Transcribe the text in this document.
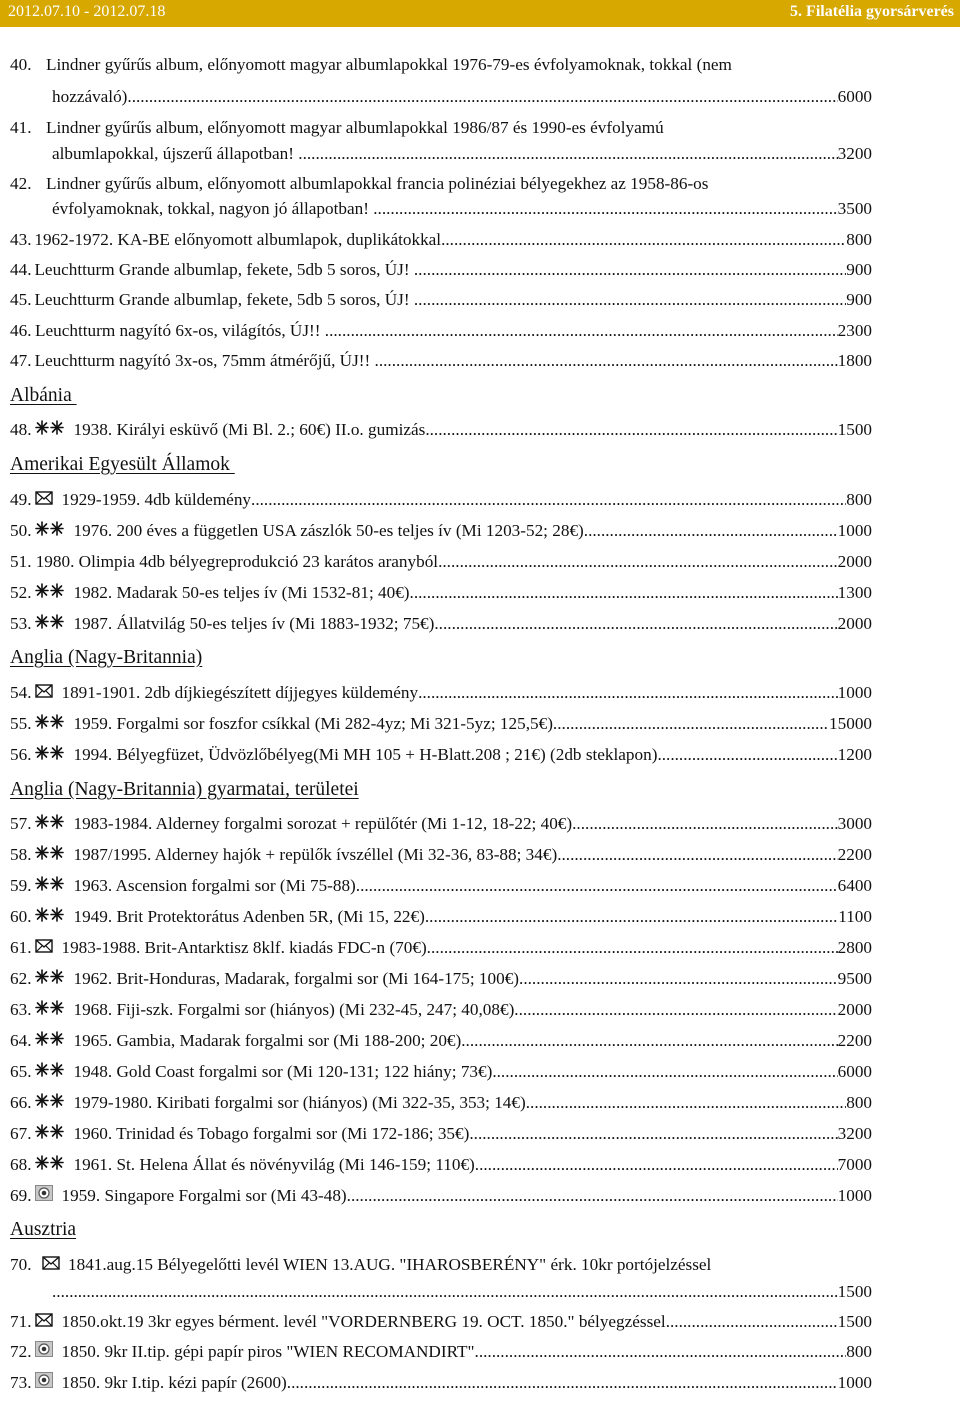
2012.07.10 - 2012.07.18	5. Filatélia gyorsárverés
40. Lindner gyűrűs album, előnyomott magyar albumlapokkal 1976-79-es évfolyamoknak, tokkal (nem
hozzávaló) .....	6000
41. Lindner gyűrűs album, előnyomott magyar albumlapokkal 1986/87 és 1990-es évfolyamú
albumlapokkal, újszerű állapotban! ... .....	3200
42. Lindner gyűrűs album, előnyomott albumlapokkal francia polinéziai bélyegekhez az 1958-86-os
évfolyamoknak, tokkal, nagyon jó állapotban! ... .....	3500
43. 1962-1972. KA-BE előnyomott albumlapok, duplikátokkal .....	800
44. Leuchtturm Grande albumlap, fekete, 5db 5 soros, ÚJ! ... .....	900
45. Leuchtturm Grande albumlap, fekete, 5db 5 soros, ÚJ! ... .....	900
46. Leuchtturm nagyító 6x-os, világítós, ÚJ!! ... .....	2300
47. Leuchtturm nagyító 3x-os, 75mm átmérőjű, ÚJ!! ... .....	1800
Albánia
48. 1938. Királyi esküvő (Mi Bl. 2.; 60€) II.o. gumizás .....	1500
Amerikai Egyesült Államok
49. 1929-1959. 4db küldemény .....	800
50. 1976. 200 éves a független USA zászlók 50-es teljes ív (Mi 1203-52; 28€) .....	1000
51. 1980. Olimpia 4db bélyegreprodukció 23 karátos aranyból .....	2000
52. 1982. Madarak 50-es teljes ív (Mi 1532-81; 40€) .....	1300
53. 1987. Állatvilág 50-es teljes ív (Mi 1883-1932; 75€) .....	2000
Anglia (Nagy-Britannia)
54. 1891-1901. 2db díjkiegészített díjjegyes küldemény .....	1000
55. 1959. Forgalmi sor foszfor csíkkal (Mi 282-4yz; Mi 321-5yz; 125,5€) .....	15000
56. 1994. Bélyegfüzet, Üdvözlőbélyeg(Mi MH 105 + H-Blatt.208 ; 21€) (2db steklapon) .....	1200
Anglia (Nagy-Britannia) gyarmatai, területei
57. 1983-1984. Alderney forgalmi sorozat + repülőtér (Mi 1-12, 18-22; 40€) .....	3000
58. 1987/1995. Alderney hajók + repülők ívszéllel (Mi 32-36, 83-88; 34€) .....	2200
59. 1963. Ascension forgalmi sor (Mi 75-88) .....	6400
60. 1949. Brit Protektorátus Adenben 5R, (Mi 15, 22€) .....	1100
61. 1983-1988. Brit-Antarktisz 8klf. kiadás FDC-n (70€) .....	2800
62. 1962. Brit-Honduras, Madarak, forgalmi sor (Mi 164-175; 100€) .....	9500
63. 1968. Fiji-szk. Forgalmi sor (hiányos) (Mi 232-45, 247; 40,08€) .....	2000
64. 1965. Gambia, Madarak forgalmi sor (Mi 188-200; 20€) .....	2200
65. 1948. Gold Coast forgalmi sor (Mi 120-131; 122 hiány; 73€) .....	6000
66. 1979-1980. Kiribati forgalmi sor (hiányos) (Mi 322-35, 353; 14€) .....	800
67. 1960. Trinidad és Tobago forgalmi sor (Mi 172-186; 35€) .....	3200
68. 1961. St. Helena Állat és növényvilág (Mi 146-159; 110€) .....	7000
69. 1959. Singapore Forgalmi sor (Mi 43-48) .....	1000
Ausztria
70.	1841.aug.15 Bélyegelőtti levél WIEN 13.AUG. "IHAROSBERÉNY" érk. 10kr portójelzéssel
... .....	1500
71. 1850.okt.19 3kr egyes bérment. levél "VORDERNBERG 19. OCT. 1850." bélyegzéssel .....	1500
72. 1850. 9kr II.tip. gépi papír piros "WIEN RECOMANDIRT" .....	800
73. 1850. 9kr I.tip. kézi papír (2600) .....	1000
